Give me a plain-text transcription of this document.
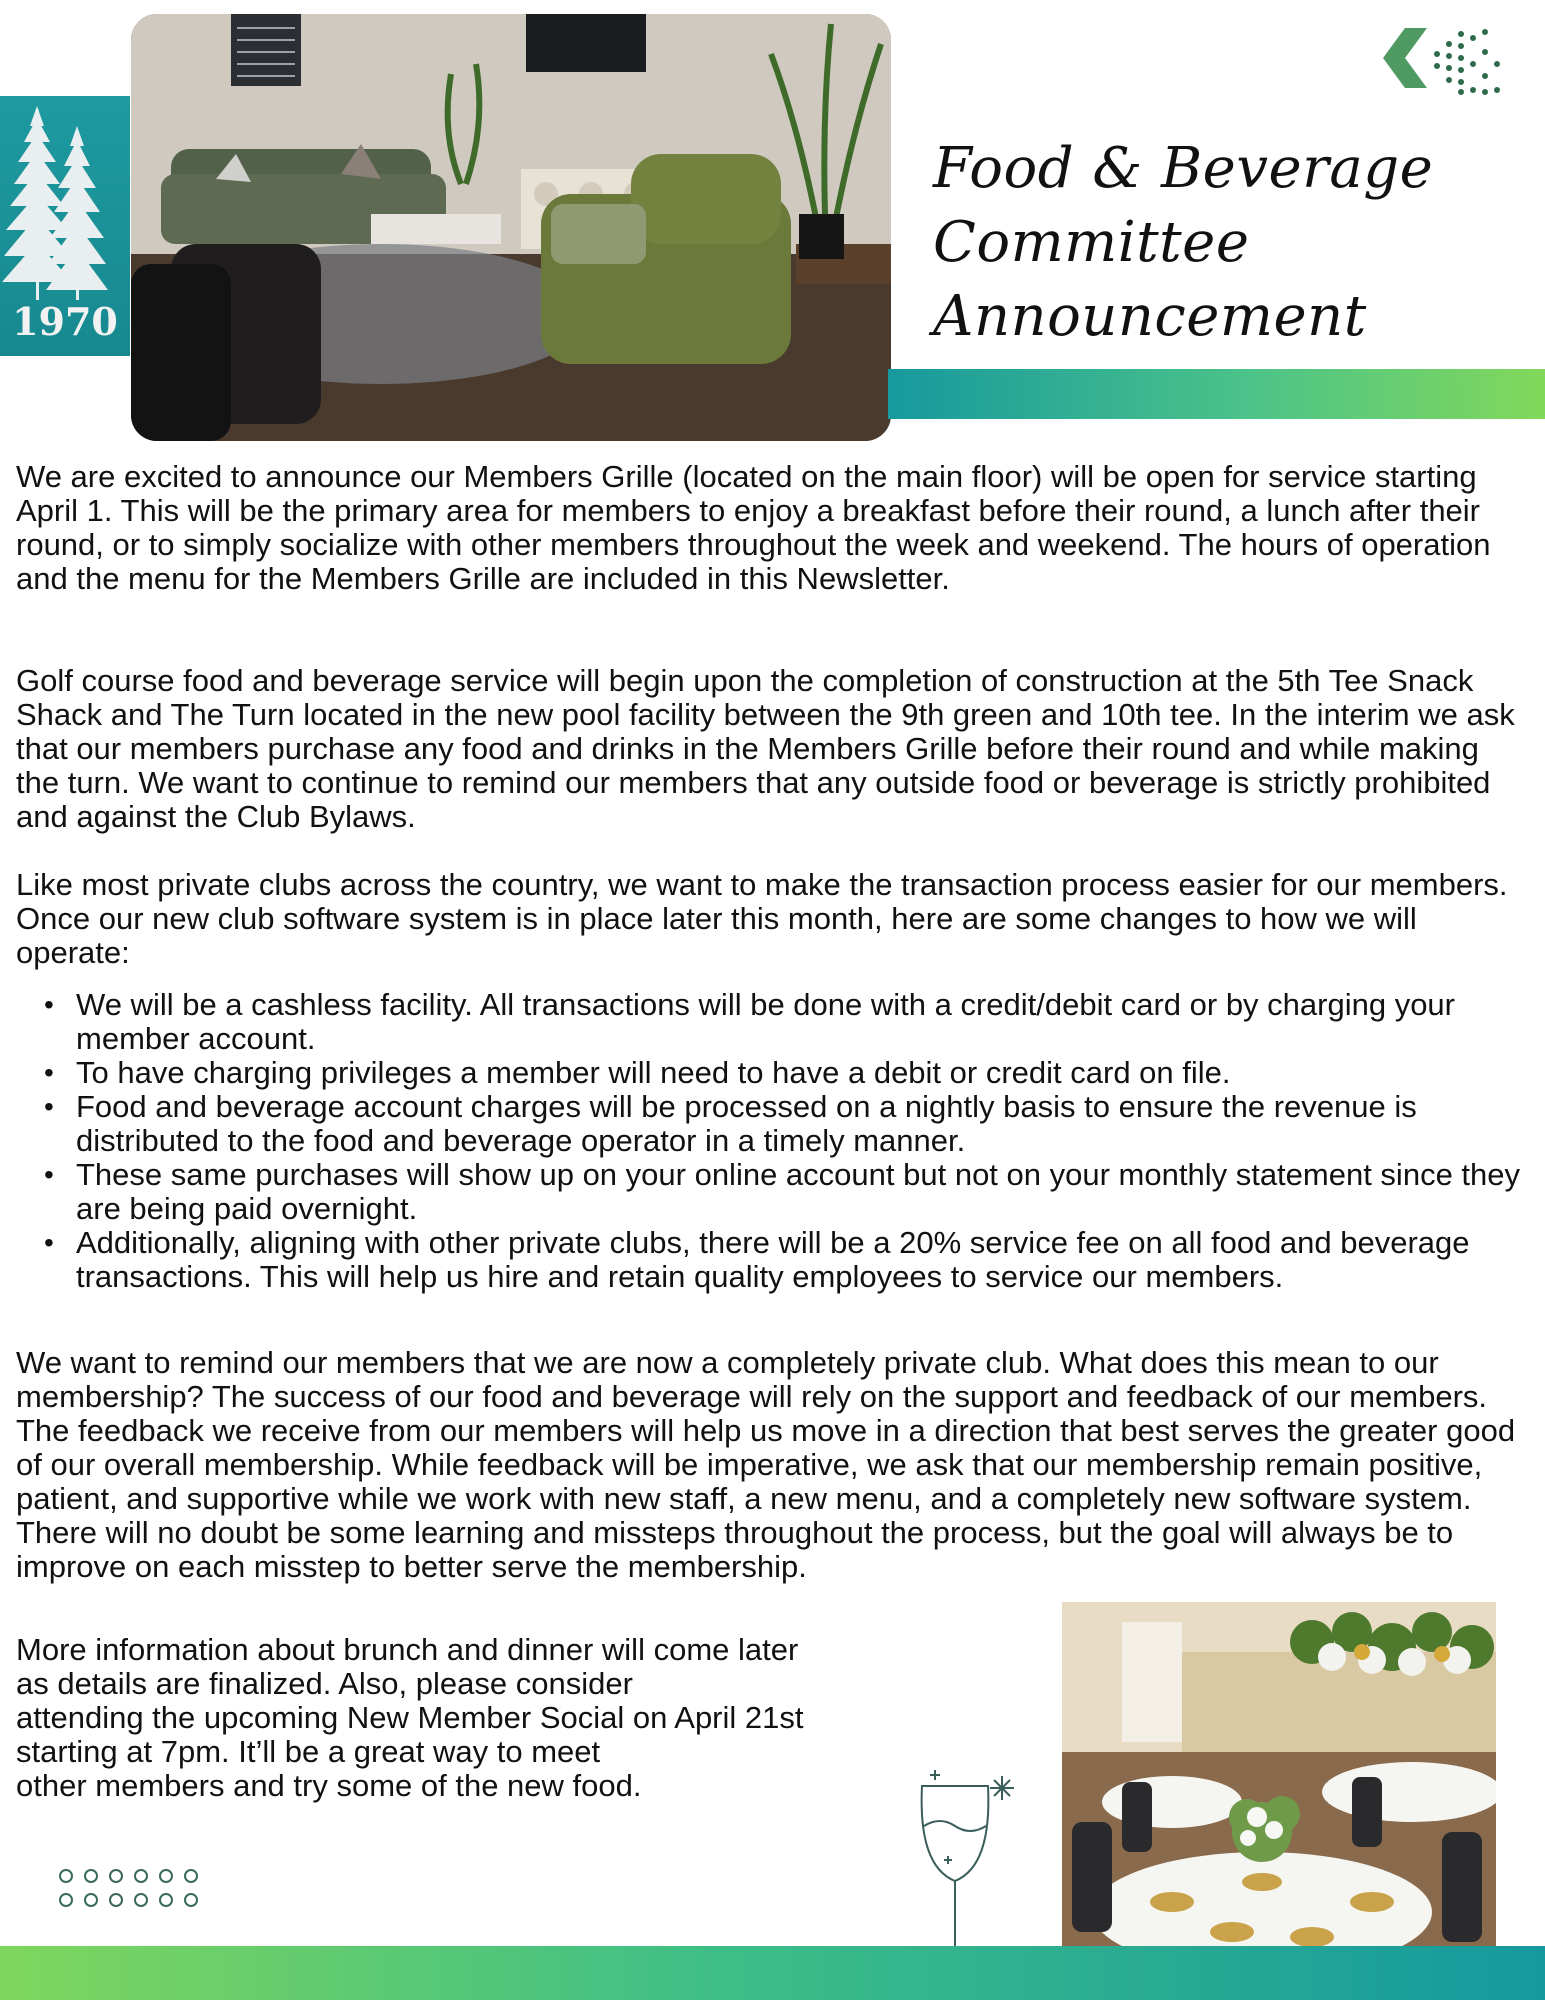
1970
Food & Beverage
Committee
Announcement

We are excited to announce our Members Grille (located on the main floor) will be open for service starting April 1. This will be the primary area for members to enjoy a breakfast before their round, a lunch after their round, or to simply socialize with other members throughout the week and weekend. The hours of operation and the menu for the Members Grille are included in this Newsletter.

Golf course food and beverage service will begin upon the completion of construction at the 5th Tee Snack Shack and The Turn located in the new pool facility between the 9th green and 10th tee. In the interim we ask that our members purchase any food and drinks in the Members Grille before their round and while making the turn. We want to continue to remind our members that any outside food or beverage is strictly prohibited and against the Club Bylaws.

Like most private clubs across the country, we want to make the transaction process easier for our members. Once our new club software system is in place later this month, here are some changes to how we will operate:

• We will be a cashless facility. All transactions will be done with a credit/debit card or by charging your member account.
• To have charging privileges a member will need to have a debit or credit card on file.
• Food and beverage account charges will be processed on a nightly basis to ensure the revenue is distributed to the food and beverage operator in a timely manner.
• These same purchases will show up on your online account but not on your monthly statement since they are being paid overnight.
• Additionally, aligning with other private clubs, there will be a 20% service fee on all food and beverage transactions. This will help us hire and retain quality employees to service our members.

We want to remind our members that we are now a completely private club. What does this mean to our membership? The success of our food and beverage will rely on the support and feedback of our members. The feedback we receive from our members will help us move in a direction that best serves the greater good of our overall membership. While feedback will be imperative, we ask that our membership remain positive, patient, and supportive while we work with new staff, a new menu, and a completely new software system. There will no doubt be some learning and missteps throughout the process, but the goal will always be to improve on each misstep to better serve the membership.

More information about brunch and dinner will come later
as details are finalized. Also, please consider
attending the upcoming New Member Social on April 21st
starting at 7pm. It’ll be a great way to meet
other members and try some of the new food.
